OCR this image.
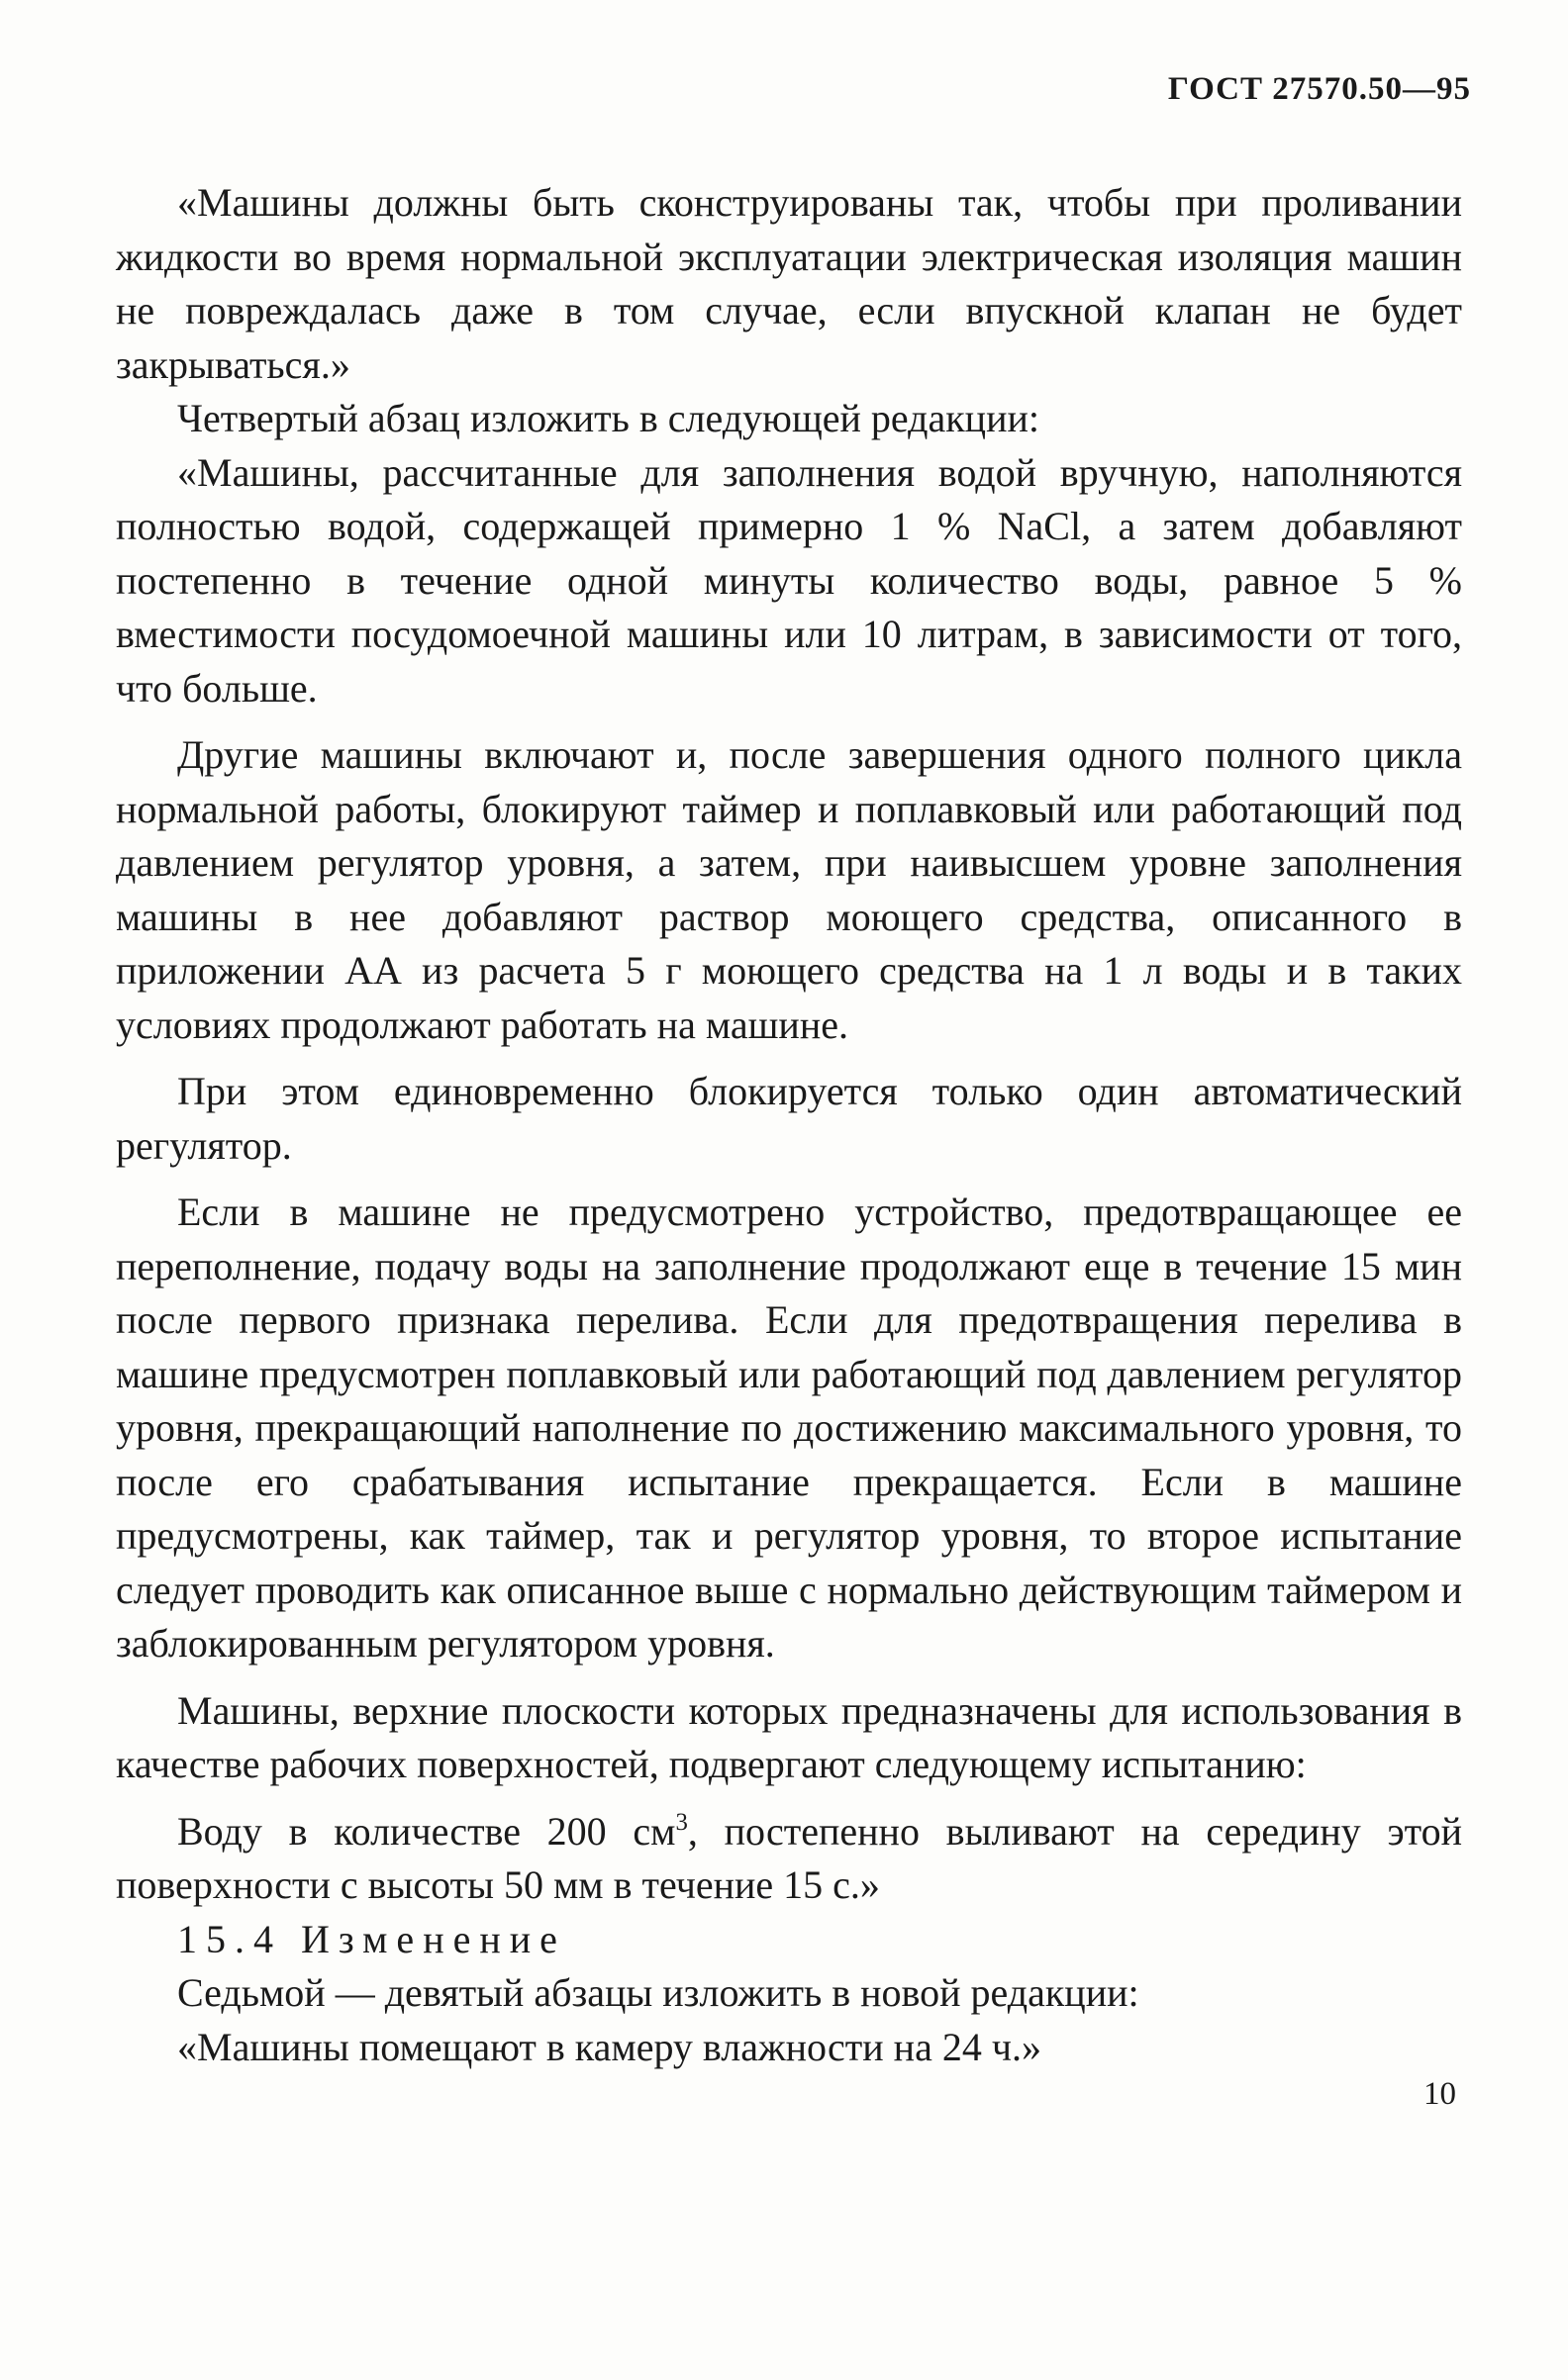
ГОСТ 27570.50—95

«Машины должны быть сконструированы так, чтобы при проливании жидкости во время нормальной эксплуатации электрическая изоляция машин не повреждалась даже в том случае, если впускной клапан не будет закрываться.»

Четвертый абзац изложить в следующей редакции:

«Машины, рассчитанные для заполнения водой вручную, наполняются полностью водой, содержащей примерно 1 % NaCl, а затем добавляют постепенно в течение одной минуты количество воды, равное 5 % вместимости посудомоечной машины или 10 литрам, в зависимости от того, что больше.

Другие машины включают и, после завершения одного полного цикла нормальной работы, блокируют таймер и поплавковый или работающий под давлением регулятор уровня, а затем, при наивысшем уровне заполнения машины в нее добавляют раствор моющего средства, описанного в приложении АА из расчета 5 г моющего средства на 1 л воды и в таких условиях продолжают работать на машине.

При этом единовременно блокируется только один автоматический регулятор.

Если в машине не предусмотрено устройство, предотвращающее ее переполнение, подачу воды на заполнение продолжают еще в течение 15 мин после первого признака перелива. Если для предотвращения перелива в машине предусмотрен поплавковый или работающий под давлением регулятор уровня, прекращающий наполнение по достижению максимального уровня, то после его срабатывания испытание прекращается. Если в машине предусмотрены, как таймер, так и регулятор уровня, то второе испытание следует проводить как описанное выше с нормально действующим таймером и заблокированным регулятором уровня.

Машины, верхние плоскости которых предназначены для использования в качестве рабочих поверхностей, подвергают следующему испытанию:

Воду в количестве 200 $см^3$, постепенно выливают на середину этой поверхности с высоты 50 мм в течение 15 с.»

15.4 Изменение

Седьмой — девятый абзацы изложить в новой редакции:

«Машины помещают в камеру влажности на 24 ч.»

10
